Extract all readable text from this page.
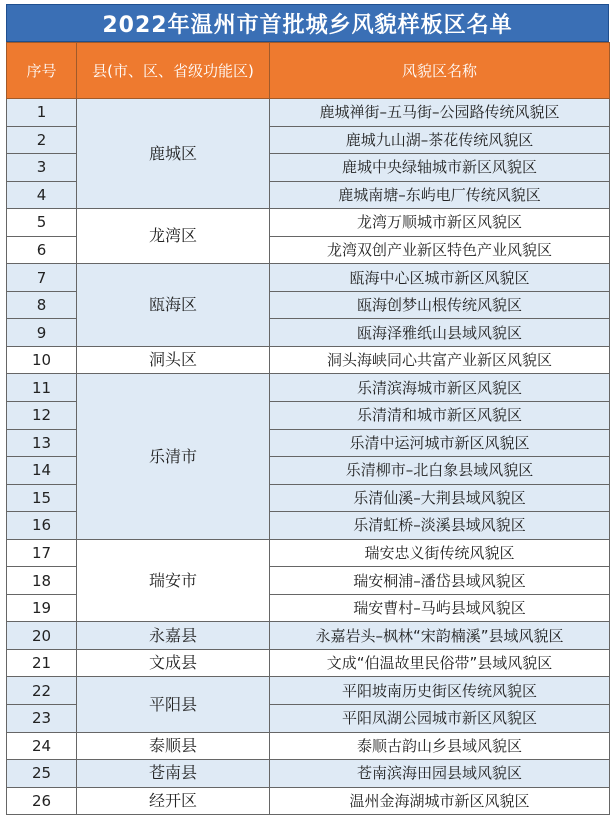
2022年温州市首批城乡风貌样板区名单
序号	县(市、区、省级功能区)	风貌区名称
1	鹿城区	鹿城禅街–五马街–公园路传统风貌区
2		鹿城九山湖–茶花传统风貌区
3		鹿城中央绿轴城市新区风貌区
4		鹿城南塘–东屿电厂传统风貌区
5	龙湾区	龙湾万顺城市新区风貌区
6		龙湾双创产业新区特色产业风貌区
7	瓯海区	瓯海中心区城市新区风貌区
8		瓯海创梦山根传统风貌区
9		瓯海泽雅纸山县域风貌区
10	洞头区	洞头海峡同心共富产业新区风貌区
11	乐清市	乐清滨海城市新区风貌区
12		乐清清和城市新区风貌区
13		乐清中运河城市新区风貌区
14		乐清柳市–北白象县域风貌区
15		乐清仙溪–大荆县域风貌区
16		乐清虹桥–淡溪县域风貌区
17	瑞安市	瑞安忠义街传统风貌区
18		瑞安桐浦–潘岱县域风貌区
19		瑞安曹村–马屿县域风貌区
20	永嘉县	永嘉岩头–枫林“宋韵楠溪”县域风貌区
21	文成县	文成“伯温故里民俗带”县域风貌区
22	平阳县	平阳坡南历史街区传统风貌区
23		平阳凤湖公园城市新区风貌区
24	泰顺县	泰顺古韵山乡县域风貌区
25	苍南县	苍南滨海田园县域风貌区
26	经开区	温州金海湖城市新区风貌区
